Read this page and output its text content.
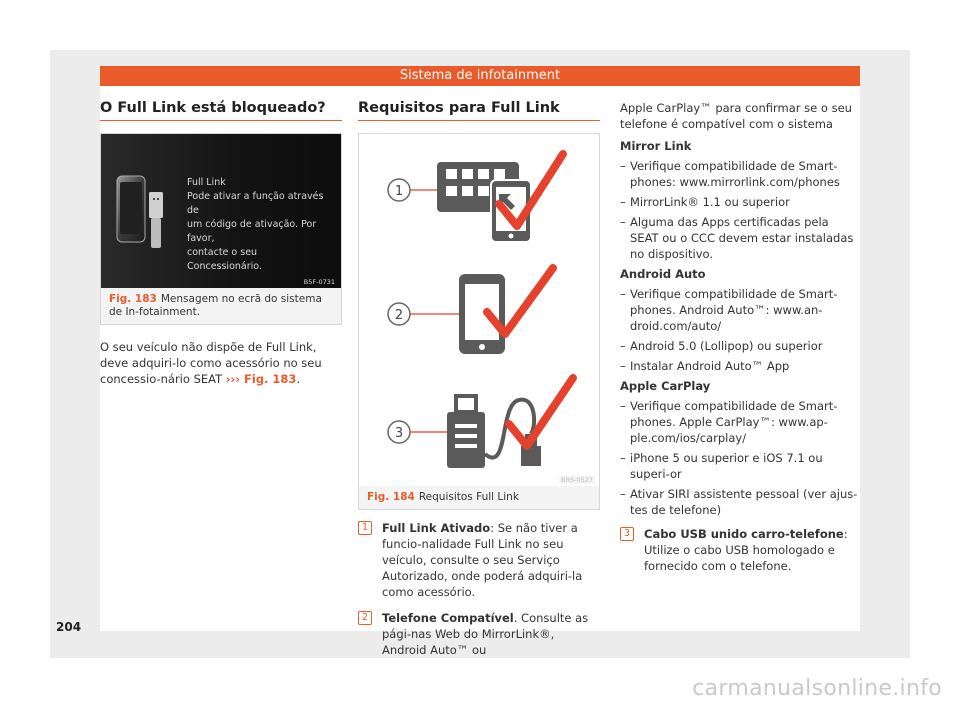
Sistema de infotainment
O Full Link está bloqueado?
Full Link
Pode ativar a função através de
um código de ativação. Por favor,
contacte o seu Concessionário.
B5F-0731
Fig. 183 Mensagem no ecrã do sistema de In-fotainment.

O seu veículo não dispõe de Full Link, deve adquiri-lo como acessório no seu concessio-nário SEAT ››› Fig. 183.

Requisitos para Full Link
1
2
3
BRS-0527
Fig. 184 Requisitos Full Link
1	Full Link Ativado: Se não tiver a funcio-nalidade Full Link no seu veículo, consulte o seu Serviço Autorizado, onde poderá adquiri-la como acessório.
2	Telefone Compatível. Consulte as pági-nas Web do MirrorLink®, Android Auto™ ou

Apple CarPlay™ para confirmar se o seu telefone é compatível com o sistema

Mirror Link
– Verifique compatibilidade de Smart-phones: www.mirrorlink.com/phones
– MirrorLink® 1.1 ou superior
– Alguma das Apps certificadas pela SEAT ou o CCC devem estar instaladas no dispositivo.
Android Auto
– Verifique compatibilidade de Smart-phones. Android Auto™: www.an-droid.com/auto/
– Android 5.0 (Lollipop) ou superior
– Instalar Android Auto™ App
Apple CarPlay
– Verifique compatibilidade de Smart-phones. Apple CarPlay™: www.ap-ple.com/ios/carplay/
– iPhone 5 ou superior e iOS 7.1 ou superi-or
– Ativar SIRI assistente pessoal (ver ajus-tes de telefone)
3	Cabo USB unido carro-telefone: Utilize o cabo USB homologado e fornecido com o telefone.
204
carmanualsonline.info
